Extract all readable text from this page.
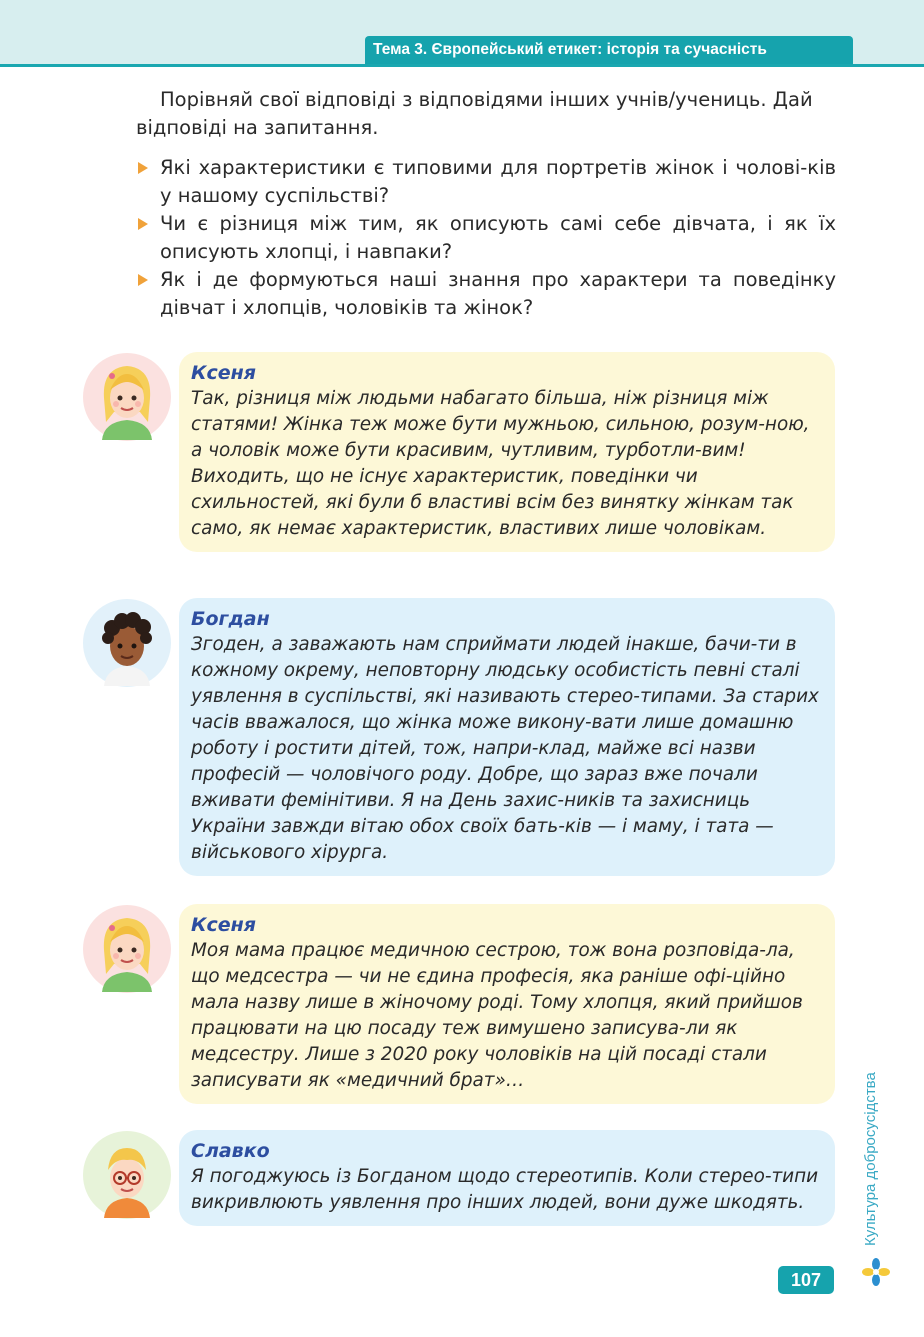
Тема 3. Європейський етикет: історія та сучасність

Порівняй свої відповіді з відповідями інших учнів/учениць. Дай відповіді на запитання.

Які характеристики є типовими для портретів жінок і чолові-ків у нашому суспільстві?
Чи є різниця між тим, як описують самі себе дівчата, і як їх описують хлопці, і навпаки?
Як і де формуються наші знання про характери та поведінку дівчат і хлопців, чоловіків та жінок?

Ксеня

Так, різниця між людьми набагато більша, ніж різниця між статями! Жінка теж може бути мужньою, сильною, розум-ною, а чоловік може бути красивим, чутливим, турботли-вим! Виходить, що не існує характеристик, поведінки чи схильностей, які були б властиві всім без винятку жінкам так само, як немає характеристик, властивих лише чоловікам.

Богдан

Згоден, а заважають нам сприймати людей інакше, бачи-ти в кожному окрему, неповторну людську особистість певні сталі уявлення в суспільстві, які називають стерео-типами. За старих часів вважалося, що жінка може викону-вати лише домашню роботу і ростити дітей, тож, напри-клад, майже всі назви професій — чоловічого роду. Добре, що зараз вже почали вживати фемінітиви. Я на День захис-ників та захисниць України завжди вітаю обох своїх бать-ків — і маму, і тата — військового хірурга.

Ксеня

Моя мама працює медичною сестрою, тож вона розповіда-ла, що медсестра — чи не єдина професія, яка раніше офі-ційно мала назву лише в жіночому роді. Тому хлопця, який прийшов працювати на цю посаду теж вимушено записува-ли як медсестру. Лише з 2020 року чоловіків на цій посаді стали записувати як «медичний брат»…

Славко

Я погоджуюсь із Богданом щодо стереотипів. Коли стерео-типи викривлюють уявлення про інших людей, вони дуже шкодять.	Культура добросусідства
107
